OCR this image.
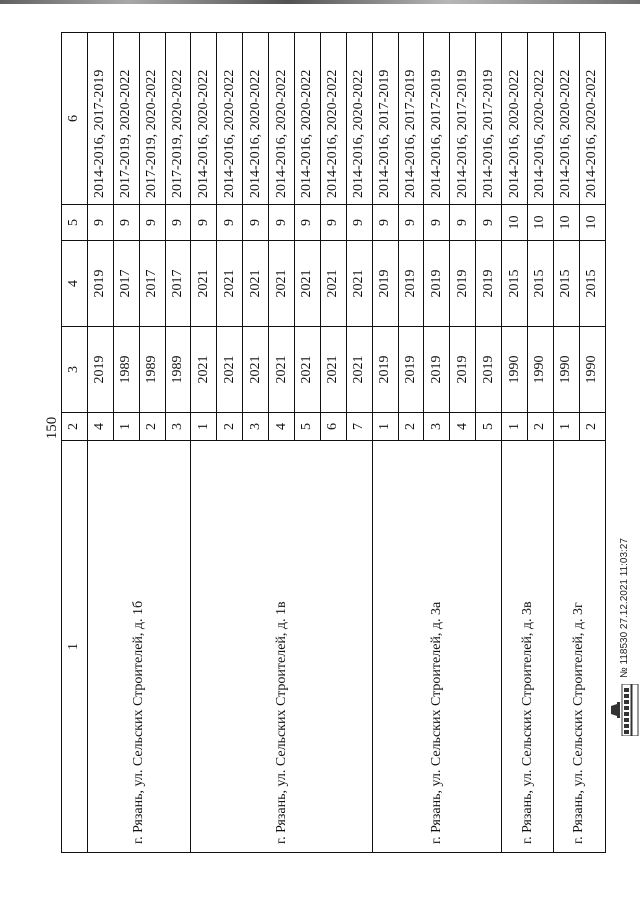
150
1	2	3	4	5	6
г. Рязань, ул. Сельских Строителей, д. 1б	4	2019	2019	9	2014-2016, 2017-2019
	1	1989	2017	9	2017-2019, 2020-2022
	2	1989	2017	9	2017-2019, 2020-2022
	3	1989	2017	9	2017-2019, 2020-2022
г. Рязань, ул. Сельских Строителей, д. 1в	1	2021	2021	9	2014-2016, 2020-2022
	2	2021	2021	9	2014-2016, 2020-2022
	3	2021	2021	9	2014-2016, 2020-2022
	4	2021	2021	9	2014-2016, 2020-2022
	5	2021	2021	9	2014-2016, 2020-2022
	6	2021	2021	9	2014-2016, 2020-2022
	7	2021	2021	9	2014-2016, 2020-2022
г. Рязань, ул. Сельских Строителей, д. 3а	1	2019	2019	9	2014-2016, 2017-2019
	2	2019	2019	9	2014-2016, 2017-2019
	3	2019	2019	9	2014-2016, 2017-2019
	4	2019	2019	9	2014-2016, 2017-2019
	5	2019	2019	9	2014-2016, 2017-2019
г. Рязань, ул. Сельских Строителей, д. 3в	1	1990	2015	10	2014-2016, 2020-2022
	2	1990	2015	10	2014-2016, 2020-2022
г. Рязань, ул. Сельских Строителей, д. 3г	1	1990	2015	10	2014-2016, 2020-2022
	2	1990	2015	10	2014-2016, 2020-2022
№ 118530 27.12.2021 11:03:27
